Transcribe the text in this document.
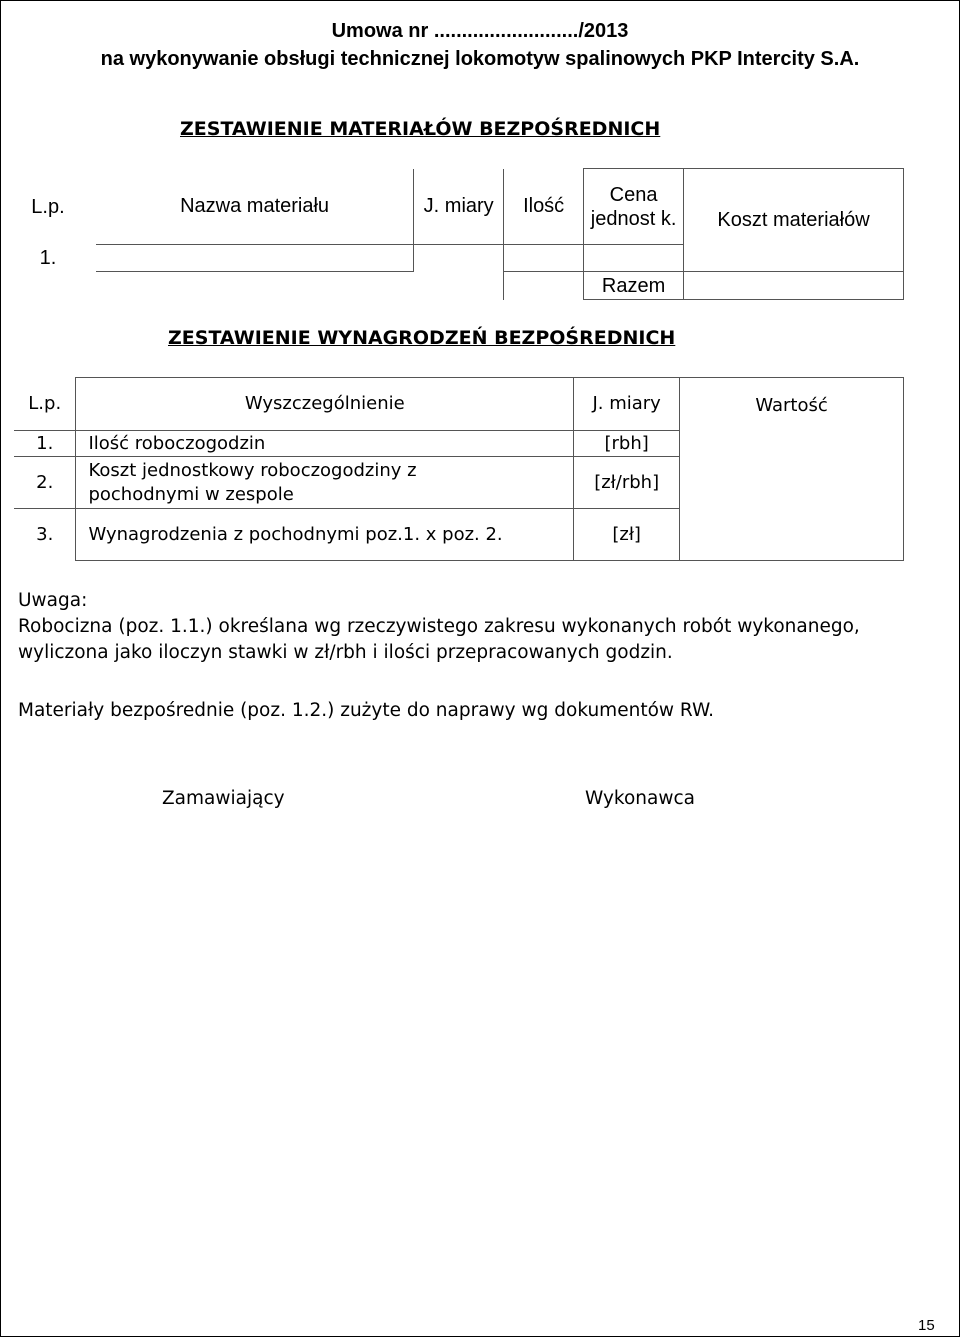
Umowa nr ........................../2013
na wykonywanie obsługi technicznej lokomotyw spalinowych PKP Intercity S.A.
ZESTAWIENIE MATERIAŁÓW BEZPOŚREDNICH
L.p.	Nazwa materiału	J. miary	Ilość	Cena jednost k.	Koszt materiałów
1.					
				Razem	
ZESTAWIENIE WYNAGRODZEŃ BEZPOŚREDNICH
L.p.	Wyszczególnienie	J. miary	Wartość
1.	Ilość roboczogodzin	[rbh]	
2.	Koszt jednostkowy roboczogodziny z pochodnymi w zespole	[zł/rbh]	
3.	Wynagrodzenia z pochodnymi poz.1. x poz. 2.	[zł]	
Uwaga:
Robocizna (poz. 1.1.) określana wg rzeczywistego zakresu wykonanych robót wykonanego, wyliczona jako iloczyn stawki w zł/rbh i ilości przepracowanych godzin.
Materiały bezpośrednie (poz. 1.2.) zużyte do naprawy wg dokumentów RW.
Zamawiający	Wykonawca
15
